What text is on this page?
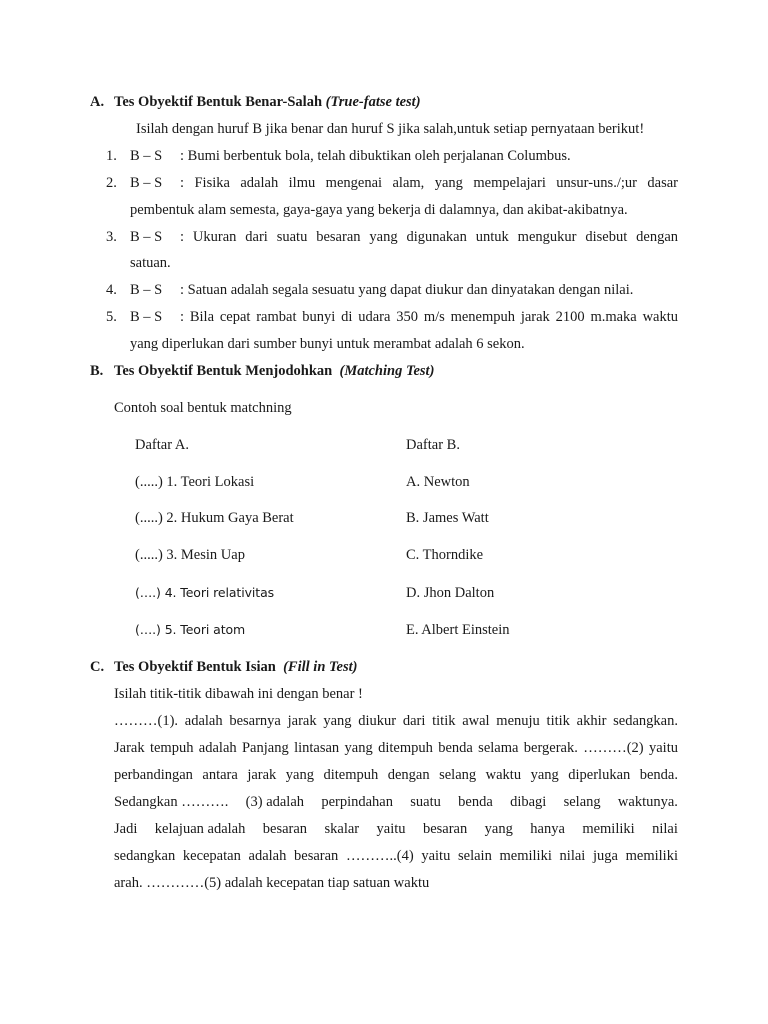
A. Tes Obyektif Bentuk Benar-Salah (True-fatse test)
Isilah dengan huruf B jika benar dan huruf S jika salah,untuk setiap pernyataan berikut!
1. B – S : Bumi berbentuk bola, telah dibuktikan oleh perjalanan Columbus.
2. B – S : Fisika adalah ilmu mengenai alam, yang mempelajari unsur-uns./;ur dasar
pembentuk alam semesta, gaya-gaya yang bekerja di dalamnya, dan akibat-akibatnya.
3. B – S : Ukuran dari suatu besaran yang digunakan untuk mengukur disebut dengan
satuan.
4. B – S : Satuan adalah segala sesuatu yang dapat diukur dan dinyatakan dengan nilai.
5. B – S : Bila cepat rambat bunyi di udara 350 m/s menempuh jarak 2100 m.maka waktu
yang diperlukan dari sumber bunyi untuk merambat adalah 6 sekon.
B. Tes Obyektif Bentuk Menjodohkan (Matching Test)
Contoh soal bentuk matchning
Daftar A.	Daftar B.
(.....) 1. Teori Lokasi	A. Newton
(.....) 2. Hukum Gaya Berat	B. James Watt
(.....) 3. Mesin Uap	C. Thorndike
(….) 4. Teori relativitas	D. Jhon Dalton
(….) 5. Teori atom	E. Albert Einstein
C. Tes Obyektif Bentuk Isian (Fill in Test)
Isilah titik-titik dibawah ini dengan benar !
………(1). adalah besarnya jarak yang diukur dari titik awal menuju titik akhir sedangkan.
Jarak tempuh adalah Panjang lintasan yang ditempuh benda selama bergerak. ………(2) yaitu
perbandingan antara jarak yang ditempuh dengan selang waktu yang diperlukan benda.
Sedangkan ………. (3) adalah perpindahan suatu benda dibagi selang waktunya.
Jadi kelajuan adalah besaran skalar yaitu besaran yang hanya memiliki nilai
sedangkan kecepatan adalah besaran ………..(4) yaitu selain memiliki nilai juga memiliki
arah. …………(5) adalah kecepatan tiap satuan waktu
